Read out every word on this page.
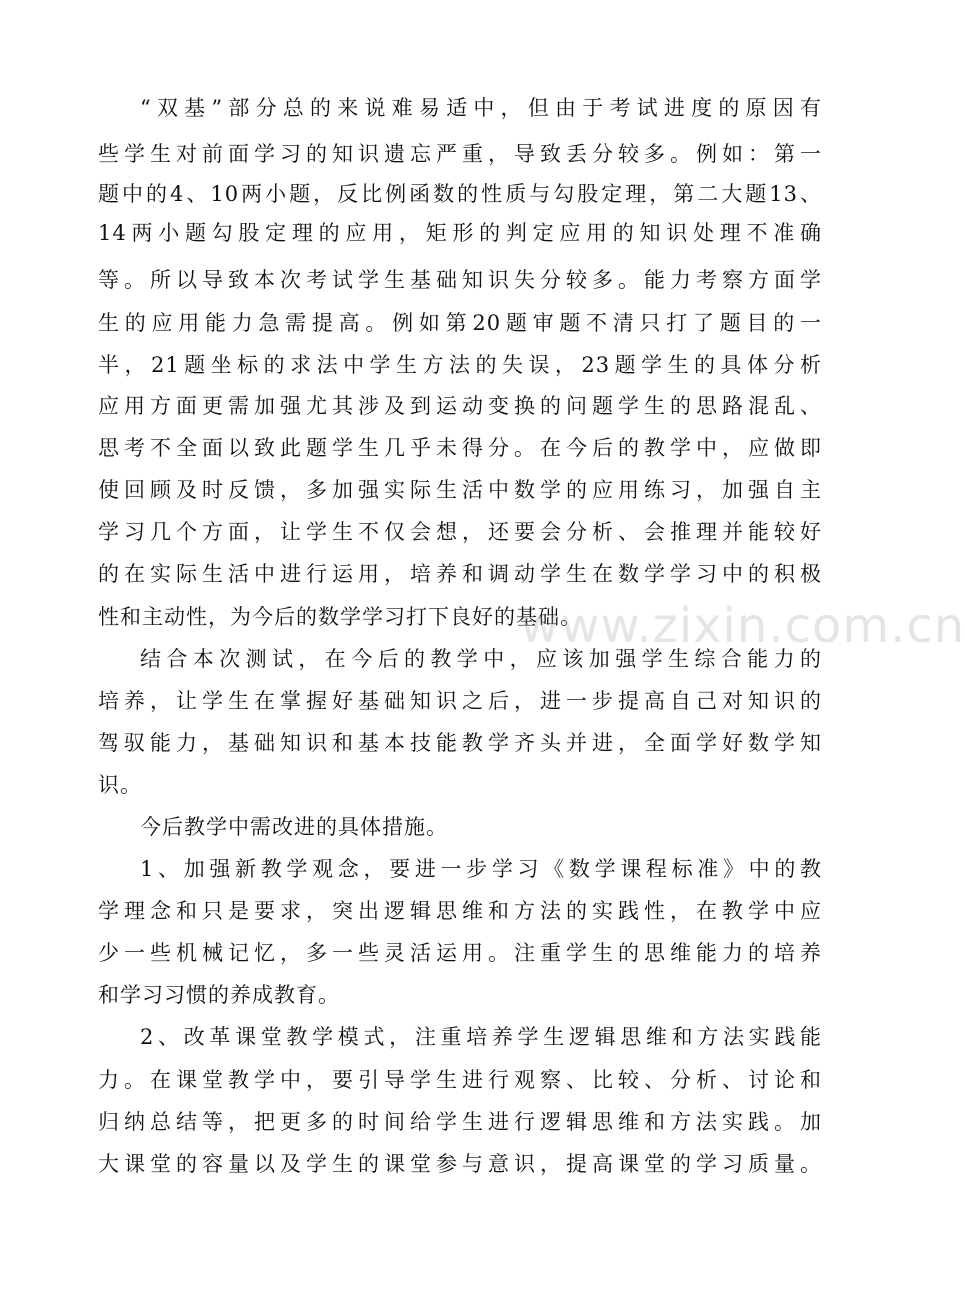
“双基”部分总的来说难易适中，但由于考试进度的原因有
些学生对前面学习的知识遗忘严重，导致丢分较多。例如：第一
题中的4、10两小题，反比例函数的性质与勾股定理，第二大题13、
14两小题勾股定理的应用，矩形的判定应用的知识处理不准确
等。所以导致本次考试学生基础知识失分较多。能力考察方面学
生的应用能力急需提高。例如第20题审题不清只打了题目的一
半，21题坐标的求法中学生方法的失误，23题学生的具体分析
应用方面更需加强尤其涉及到运动变换的问题学生的思路混乱、
思考不全面以致此题学生几乎未得分。在今后的教学中，应做即
使回顾及时反馈，多加强实际生活中数学的应用练习，加强自主
学习几个方面，让学生不仅会想，还要会分析、会推理并能较好
的在实际生活中进行运用，培养和调动学生在数学学习中的积极
性和主动性，为今后的数学学习打下良好的基础。
结合本次测试，在今后的教学中，应该加强学生综合能力的
培养，让学生在掌握好基础知识之后，进一步提高自己对知识的
驾驭能力，基础知识和基本技能教学齐头并进，全面学好数学知
识。
今后教学中需改进的具体措施。
1、加强新教学观念，要进一步学习《数学课程标准》中的教
学理念和只是要求，突出逻辑思维和方法的实践性，在教学中应
少一些机械记忆，多一些灵活运用。注重学生的思维能力的培养
和学习习惯的养成教育。
2、改革课堂教学模式，注重培养学生逻辑思维和方法实践能
力。在课堂教学中，要引导学生进行观察、比较、分析、讨论和
归纳总结等，把更多的时间给学生进行逻辑思维和方法实践。加
大课堂的容量以及学生的课堂参与意识，提高课堂的学习质量。
www.zixin.com.cn
